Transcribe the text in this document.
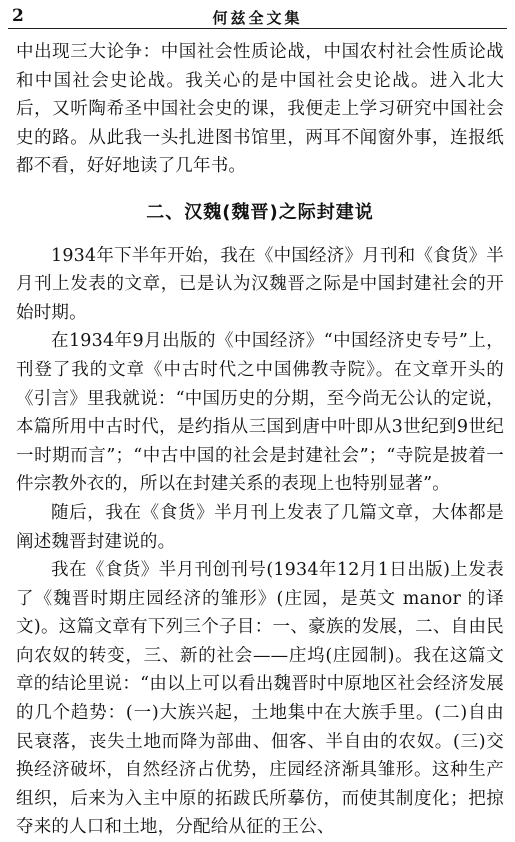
2	何兹全文集

中出现三大论争：中国社会性质论战，中国农村社会性质论战和中国社会史论战。我关心的是中国社会史论战。进入北大后，又听陶希圣中国社会史的课，我便走上学习研究中国社会史的路。从此我一头扎进图书馆里，两耳不闻窗外事，连报纸都不看，好好地读了几年书。

二、汉魏(魏晋)之际封建说

1934年下半年开始，我在《中国经济》月刊和《食货》半月刊上发表的文章，已是认为汉魏晋之际是中国封建社会的开始时期。

在1934年9月出版的《中国经济》“中国经济史专号”上，刊登了我的文章《中古时代之中国佛教寺院》。在文章开头的《引言》里我就说：“中国历史的分期，至今尚无公认的定说，本篇所用中古时代，是约指从三国到唐中叶即从3世纪到9世纪一时期而言”；“中古中国的社会是封建社会”；“寺院是披着一件宗教外衣的，所以在封建关系的表现上也特别显著”。

随后，我在《食货》半月刊上发表了几篇文章，大体都是阐述魏晋封建说的。

我在《食货》半月刊创刊号(1934年12月1日出版)上发表了《魏晋时期庄园经济的雏形》(庄园，是英文 manor 的译文)。这篇文章有下列三个子目：一、豪族的发展，二、自由民向农奴的转变，三、新的社会——庄坞(庄园制)。我在这篇文章的结论里说：“由以上可以看出魏晋时中原地区社会经济发展的几个趋势：(一)大族兴起，土地集中在大族手里。(二)自由民衰落，丧失土地而降为部曲、佃客、半自由的农奴。(三)交换经济破坏，自然经济占优势，庄园经济渐具雏形。这种生产组织，后来为入主中原的拓跋氏所摹仿，而使其制度化；把掠夺来的人口和土地，分配给从征的王公、
